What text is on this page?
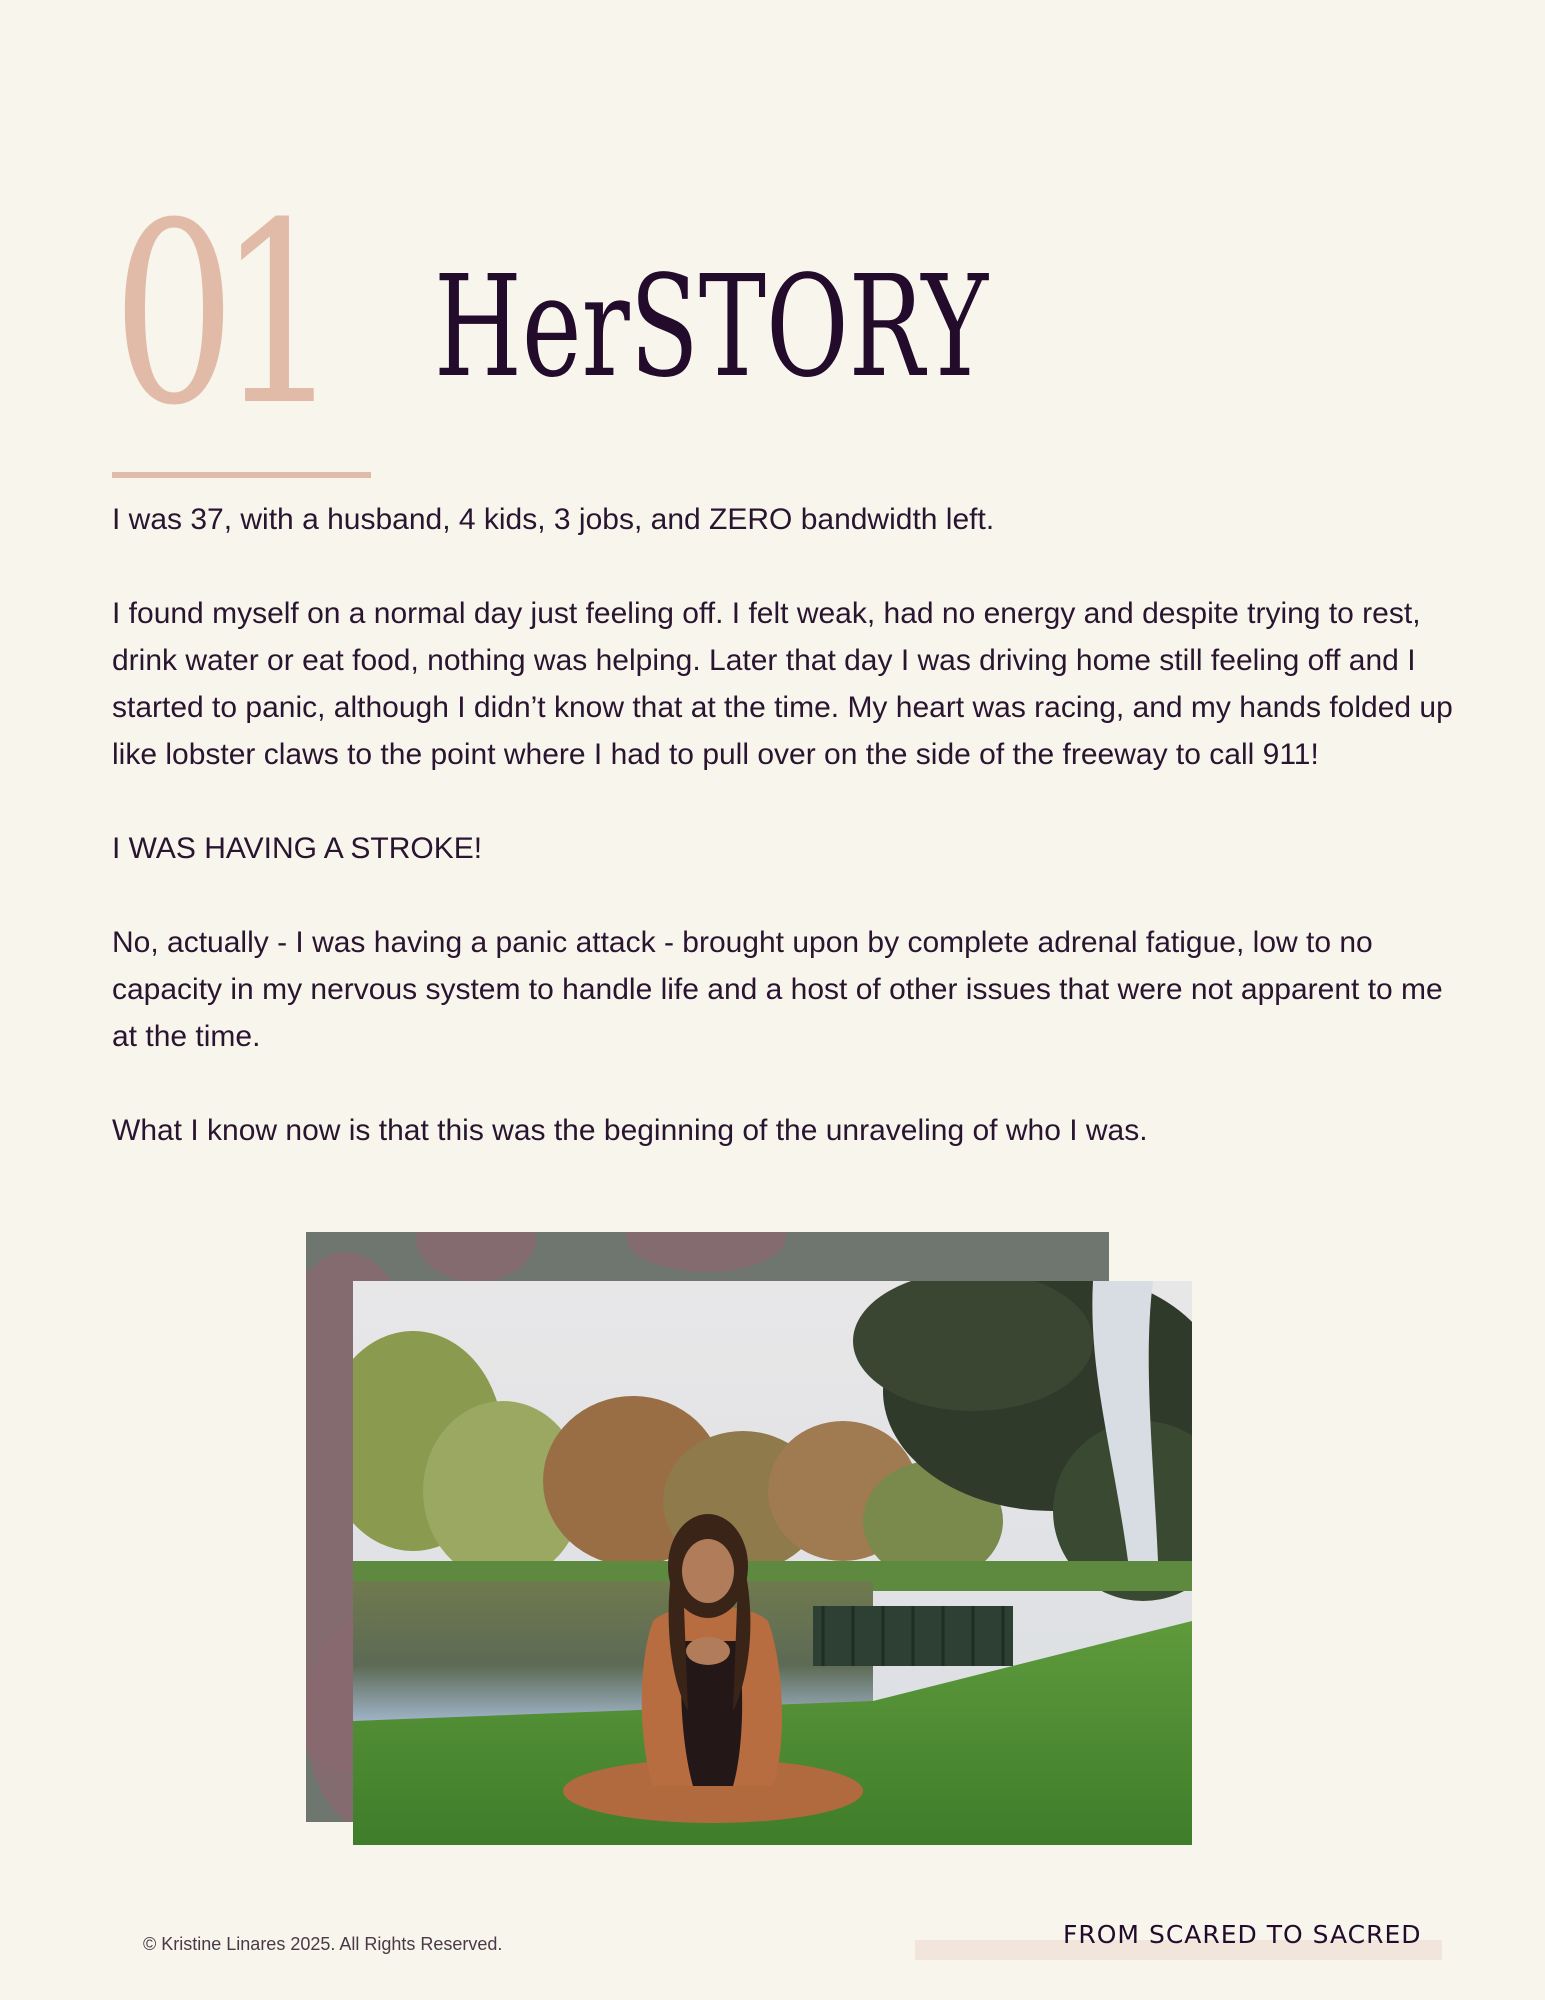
01 HerSTORY

I was 37, with a husband, 4 kids, 3 jobs, and ZERO bandwidth left.

I found myself on a normal day just feeling off. I felt weak, had no energy and despite trying to rest, drink water or eat food, nothing was helping. Later that day I was driving home still feeling off and I started to panic, although I didn’t know that at the time. My heart was racing, and my hands folded up like lobster claws to the point where I had to pull over on the side of the freeway to call 911!

I WAS HAVING A STROKE!

No, actually - I was having a panic attack - brought upon by complete adrenal fatigue, low to no capacity in my nervous system to handle life and a host of other issues that were not apparent to me at the time.

What I know now is that this was the beginning of the unraveling of who I was.

© Kristine Linares 2025. All Rights Reserved.	FROM SCARED TO SACRED
